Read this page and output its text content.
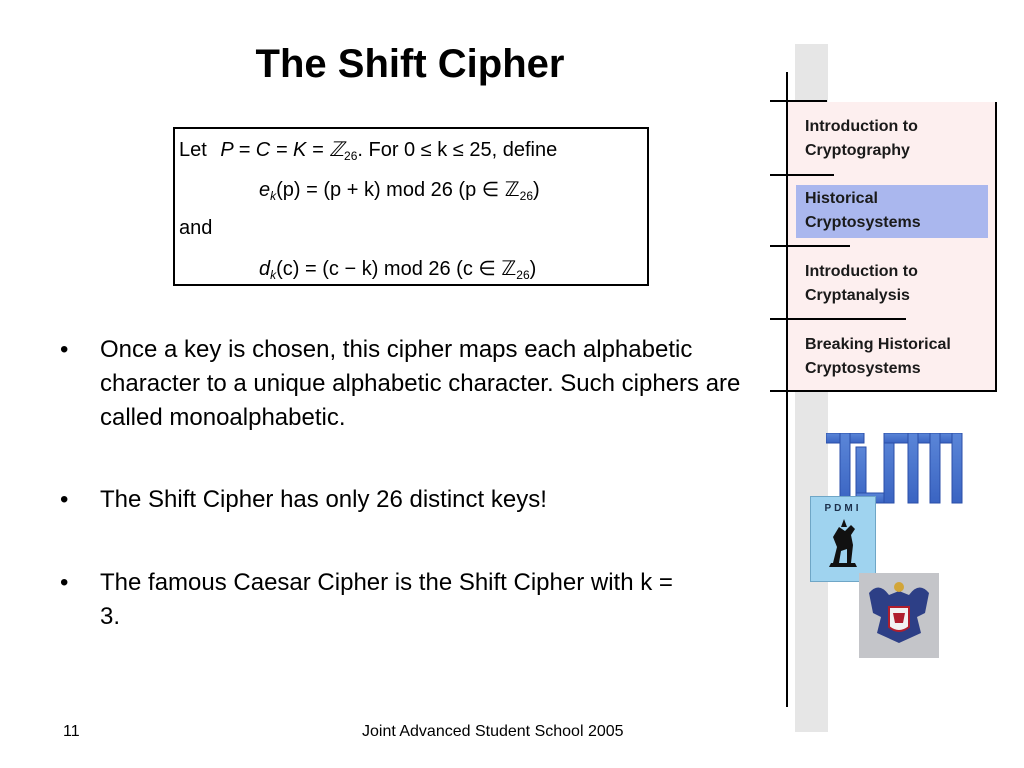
The Shift Cipher
Let P = C = K = ℤ$_{26}$. For 0 ≤ k ≤ 25, define
$e_k(p) = (p + k)$ mod 26 (p ∈ ℤ$_{26}$)
and
$d_k(c) = (c - k)$ mod 26 (c ∈ ℤ$_{26}$)
• Once a key is chosen, this cipher maps each alphabetic character to a unique alphabetic character. Such ciphers are called monoalphabetic.
• The Shift Cipher has only 26 distinct keys!
• The famous Caesar Cipher is the Shift Cipher with k = 3.
Introduction to
Cryptography
Historical
Cryptosystems
Introduction to
Cryptanalysis
Breaking Historical
Cryptosystems
PDMI
11	Joint Advanced Student School 2005
